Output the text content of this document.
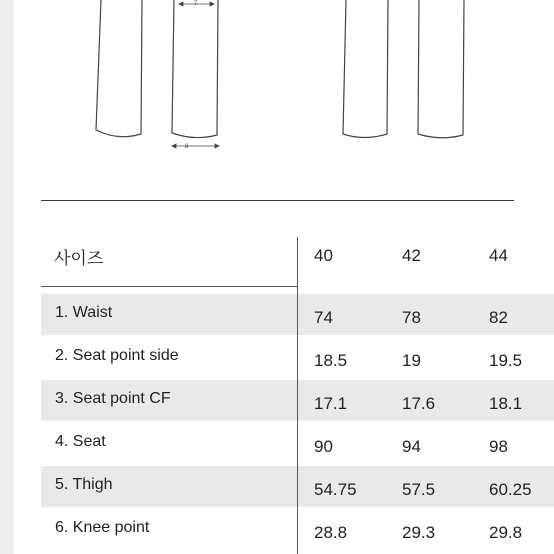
7
8
사이즈	40	42	44
1. Waist	74	78	82
2. Seat point side	18.5	19	19.5
3. Seat point CF	17.1	17.6	18.1
4. Seat	90	94	98
5. Thigh	54.75	57.5	60.25
6. Knee point	28.8	29.3	29.8
